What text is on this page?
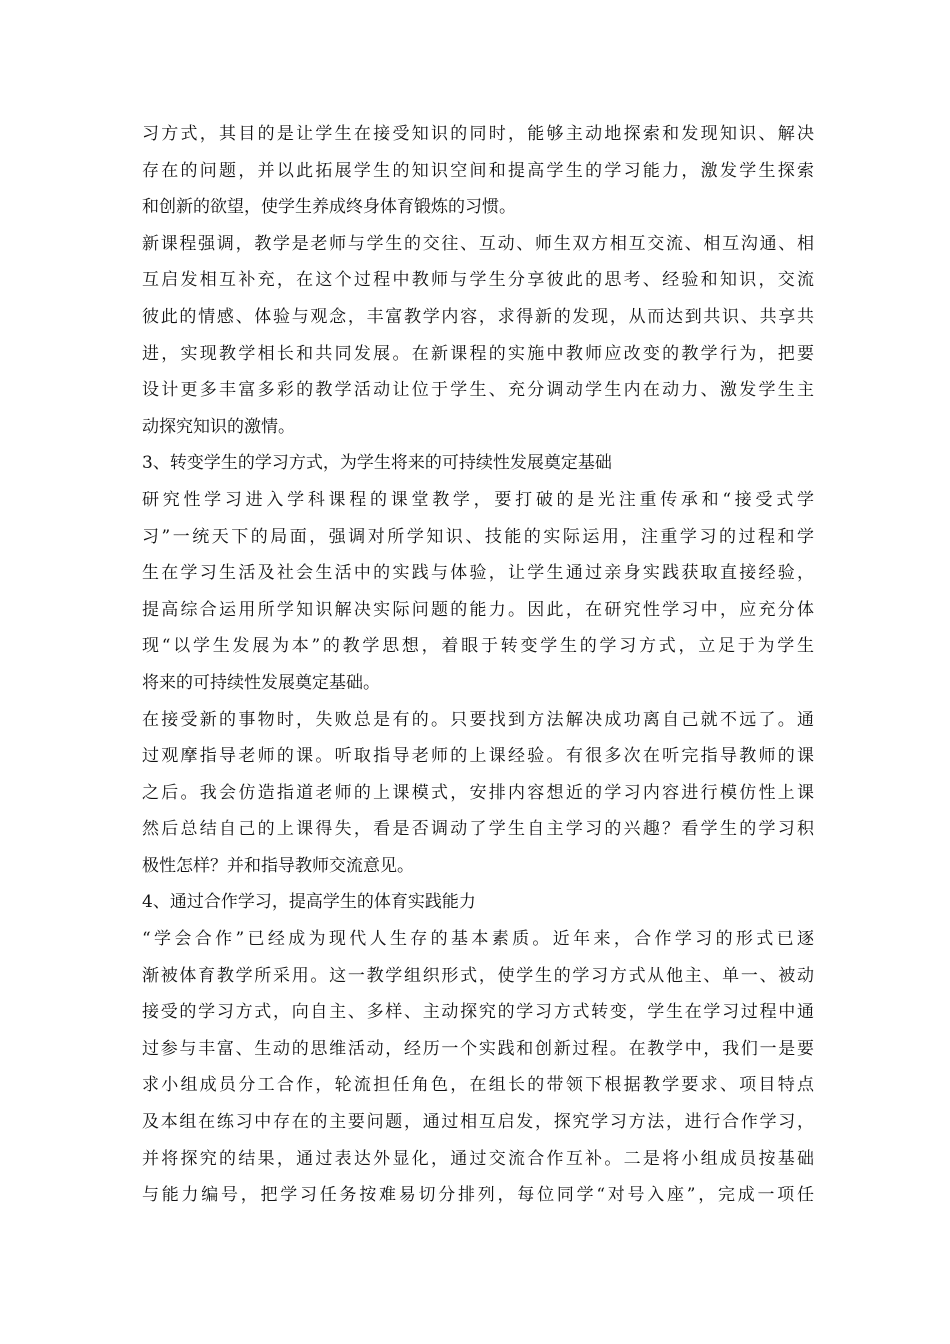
习方式，其目的是让学生在接受知识的同时，能够主动地探索和发现知识、解决
存在的问题，并以此拓展学生的知识空间和提高学生的学习能力，激发学生探索
和创新的欲望，使学生养成终身体育锻炼的习惯。
新课程强调，教学是老师与学生的交往、互动、师生双方相互交流、相互沟通、相
互启发相互补充，在这个过程中教师与学生分享彼此的思考、经验和知识，交流
彼此的情感、体验与观念，丰富教学内容，求得新的发现，从而达到共识、共享共
进，实现教学相长和共同发展。在新课程的实施中教师应改变的教学行为，把要
设计更多丰富多彩的教学活动让位于学生、充分调动学生内在动力、激发学生主
动探究知识的激情。
3、转变学生的学习方式，为学生将来的可持续性发展奠定基础
研究性学习进入学科课程的课堂教学，要打破的是光注重传承和“接受式学
习”一统天下的局面，强调对所学知识、技能的实际运用，注重学习的过程和学
生在学习生活及社会生活中的实践与体验，让学生通过亲身实践获取直接经验，
提高综合运用所学知识解决实际问题的能力。因此，在研究性学习中，应充分体
现“以学生发展为本”的教学思想，着眼于转变学生的学习方式，立足于为学生
将来的可持续性发展奠定基础。
在接受新的事物时，失败总是有的。只要找到方法解决成功离自己就不远了。通
过观摩指导老师的课。听取指导老师的上课经验。有很多次在听完指导教师的课
之后。我会仿造指道老师的上课模式，安排内容想近的学习内容进行模仿性上课
然后总结自己的上课得失，看是否调动了学生自主学习的兴趣？看学生的学习积
极性怎样？并和指导教师交流意见。
4、通过合作学习，提高学生的体育实践能力
“学会合作”已经成为现代人生存的基本素质。近年来，合作学习的形式已逐
渐被体育教学所采用。这一教学组织形式，使学生的学习方式从他主、单一、被动
接受的学习方式，向自主、多样、主动探究的学习方式转变，学生在学习过程中通
过参与丰富、生动的思维活动，经历一个实践和创新过程。在教学中，我们一是要
求小组成员分工合作，轮流担任角色，在组长的带领下根据教学要求、项目特点
及本组在练习中存在的主要问题，通过相互启发，探究学习方法，进行合作学习，
并将探究的结果，通过表达外显化，通过交流合作互补。二是将小组成员按基础
与能力编号，把学习任务按难易切分排列，每位同学“对号入座”，完成一项任
